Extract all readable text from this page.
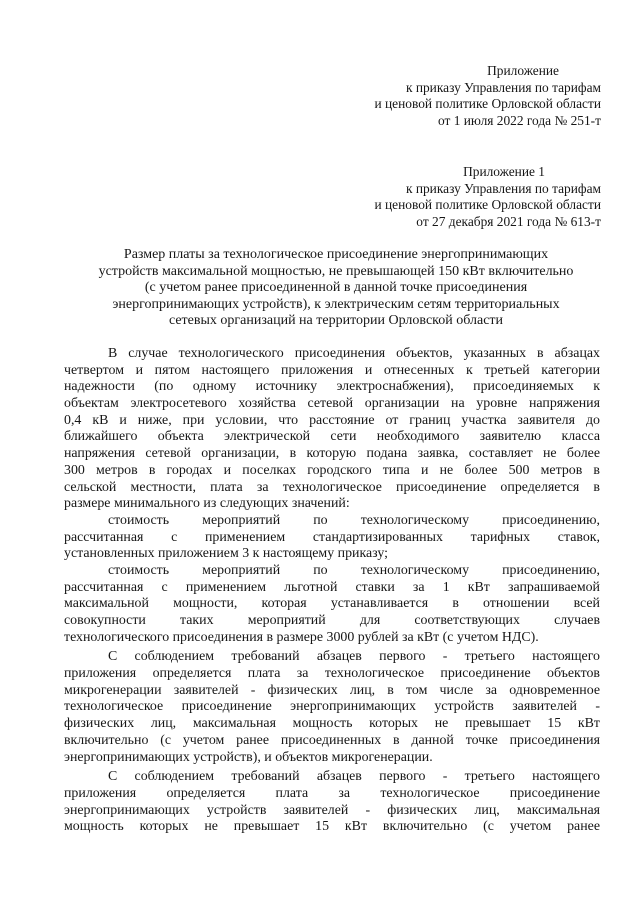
Приложение
к приказу Управления по тарифам
и ценовой политике Орловской области
от 1 июля 2022 года № 251-т
Приложение 1
к приказу Управления по тарифам
и ценовой политике Орловской области
от 27 декабря 2021 года № 613-т
Размер платы за технологическое присоединение энергопринимающих
устройств максимальной мощностью, не превышающей 150 кВт включительно
(с учетом ранее присоединенной в данной точке присоединения
энергопринимающих устройств), к электрическим сетям территориальных
сетевых организаций на территории Орловской области
В случае технологического присоединения объектов, указанных в абзацах
четвертом и пятом настоящего приложения и отнесенных к третьей категории
надежности (по одному источнику электроснабжения), присоединяемых к
объектам электросетевого хозяйства сетевой организации на уровне напряжения
0,4 кВ и ниже, при условии, что расстояние от границ участка заявителя до
ближайшего объекта электрической сети необходимого заявителю класса
напряжения сетевой организации, в которую подана заявка, составляет не более
300 метров в городах и поселках городского типа и не более 500 метров в
сельской местности, плата за технологическое присоединение определяется в
размере минимального из следующих значений:
стоимость мероприятий по технологическому присоединению,
рассчитанная с применением стандартизированных тарифных ставок,
установленных приложением 3 к настоящему приказу;
стоимость мероприятий по технологическому присоединению,
рассчитанная с применением льготной ставки за 1 кВт запрашиваемой
максимальной мощности, которая устанавливается в отношении всей
совокупности таких мероприятий для соответствующих случаев
технологического присоединения в размере 3000 рублей за кВт (с учетом НДС).
С соблюдением требований абзацев первого - третьего настоящего
приложения определяется плата за технологическое присоединение объектов
микрогенерации заявителей - физических лиц, в том числе за одновременное
технологическое присоединение энергопринимающих устройств заявителей -
физических лиц, максимальная мощность которых не превышает 15 кВт
включительно (с учетом ранее присоединенных в данной точке присоединения
энергопринимающих устройств), и объектов микрогенерации.
С соблюдением требований абзацев первого - третьего настоящего
приложения определяется плата за технологическое присоединение
энергопринимающих устройств заявителей - физических лиц, максимальная
мощность которых не превышает 15 кВт включительно (с учетом ранее
